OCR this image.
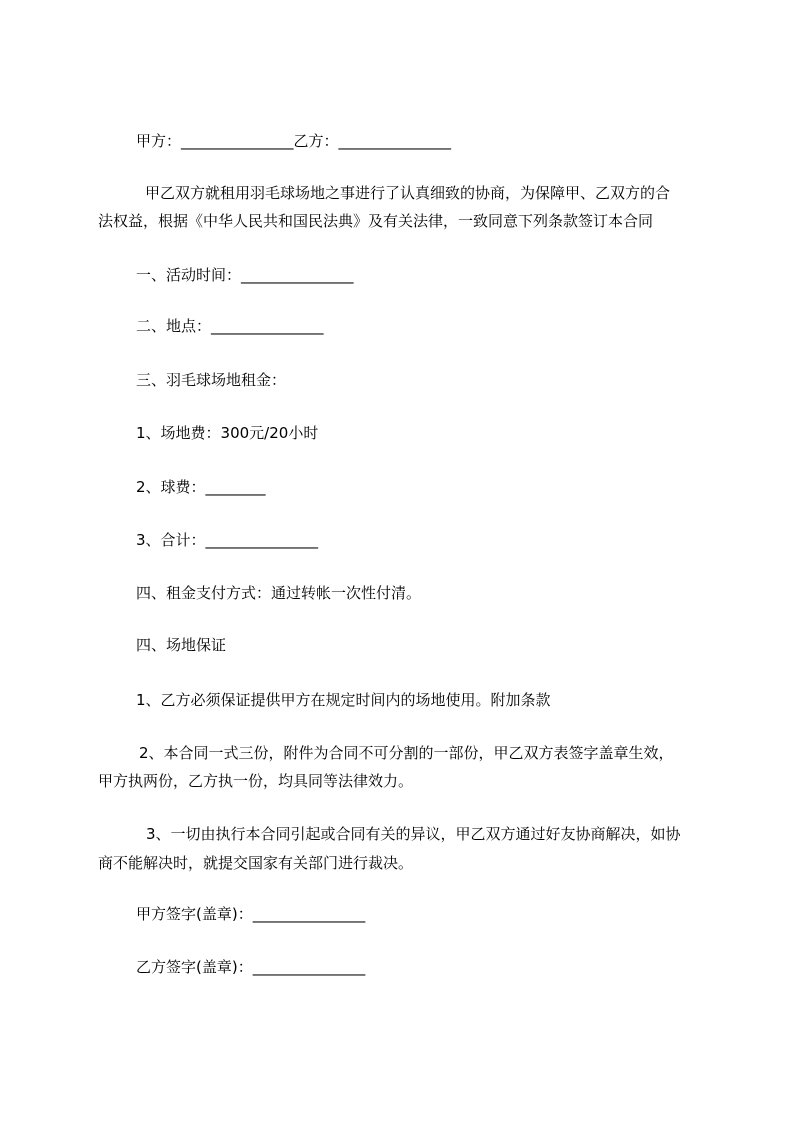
甲方：_______________乙方：_______________
甲乙双方就租用羽毛球场地之事进行了认真细致的协商，为保障甲、乙双方的合
法权益，根据《中华人民共和国民法典》及有关法律，一致同意下列条款签订本合同
一、活动时间：_______________
二、地点：_______________
三、羽毛球场地租金：
1、场地费：300元/20小时
2、球费：________
3、合计：_______________
四、租金支付方式：通过转帐一次性付清。
四、场地保证
1、乙方必须保证提供甲方在规定时间内的场地使用。附加条款
2、本合同一式三份，附件为合同不可分割的一部份，甲乙双方表签字盖章生效，
甲方执两份，乙方执一份，均具同等法律效力。
3、一切由执行本合同引起或合同有关的异议，甲乙双方通过好友协商解决，如协
商不能解决时，就提交国家有关部门进行裁决。
甲方签字(盖章)：_______________
乙方签字(盖章)：_______________
